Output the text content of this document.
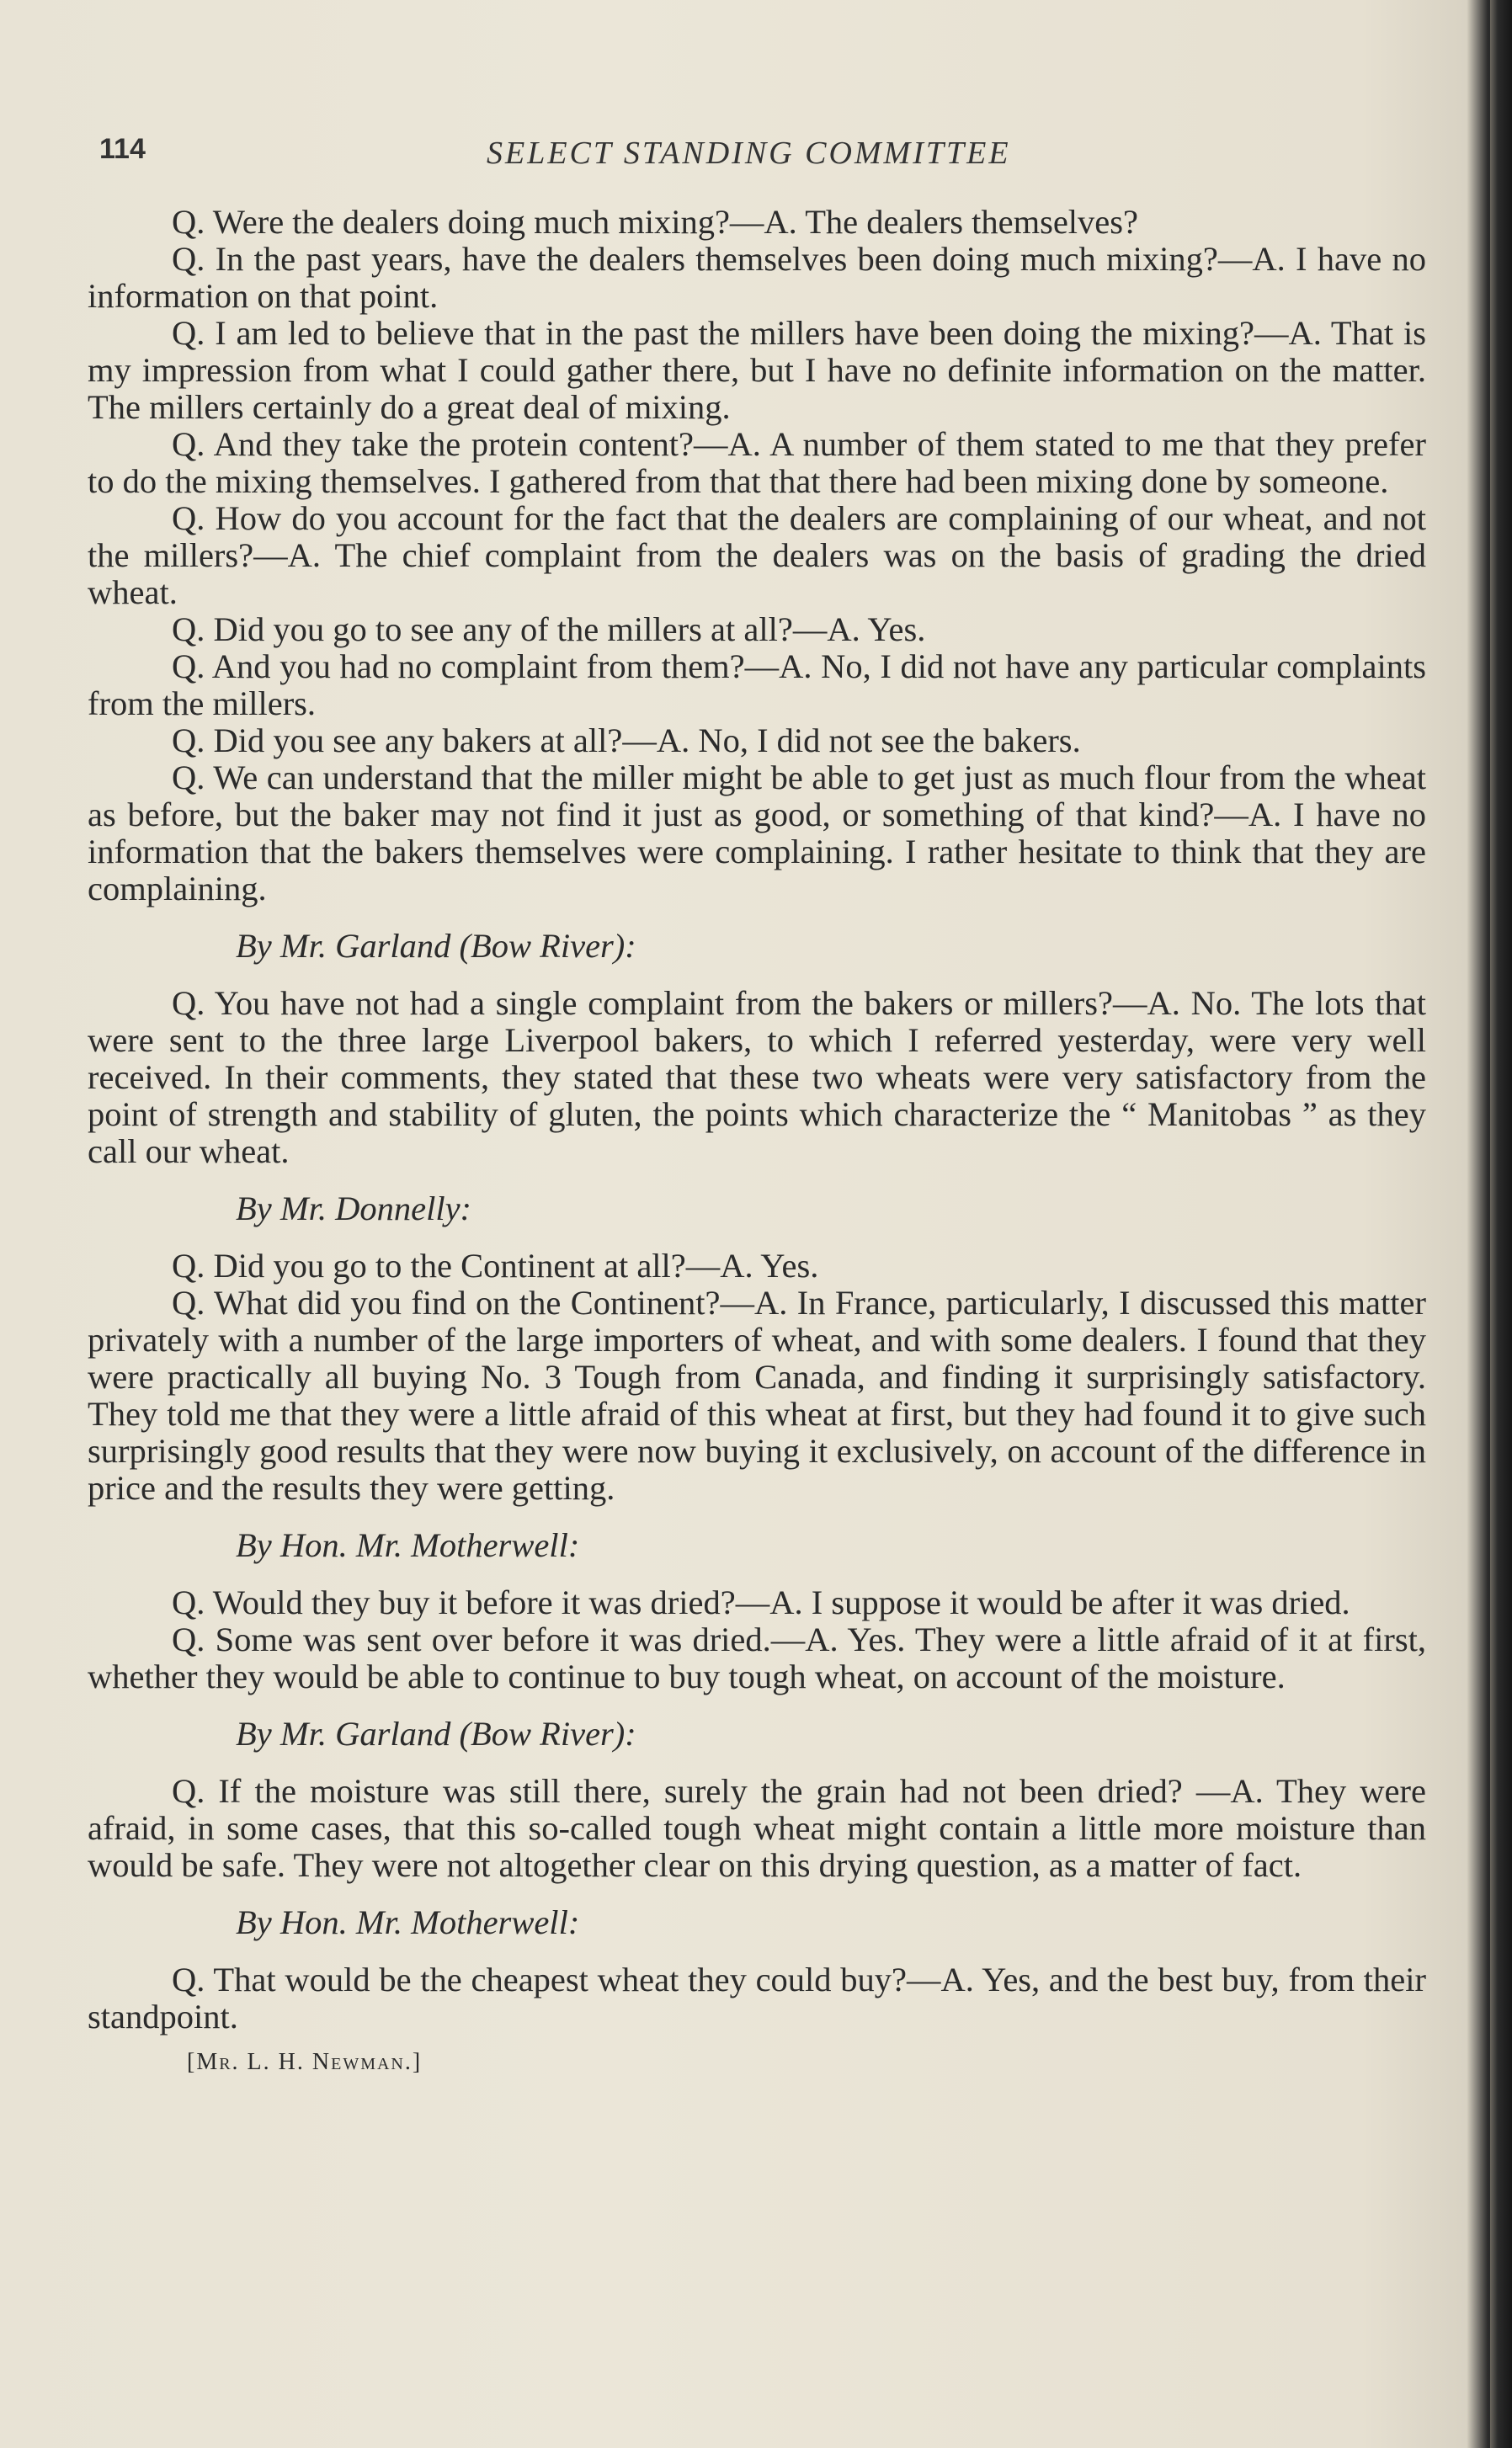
114	SELECT STANDING COMMITTEE

Q. Were the dealers doing much mixing?—A. The dealers themselves?

Q. In the past years, have the dealers themselves been doing much mixing?—A. I have no information on that point.

Q. I am led to believe that in the past the millers have been doing the mixing?—A. That is my impression from what I could gather there, but I have no definite information on the matter. The millers certainly do a great deal of mixing.

Q. And they take the protein content?—A. A number of them stated to me that they prefer to do the mixing themselves. I gathered from that that there had been mixing done by someone.

Q. How do you account for the fact that the dealers are complaining of our wheat, and not the millers?—A. The chief complaint from the dealers was on the basis of grading the dried wheat.

Q. Did you go to see any of the millers at all?—A. Yes.

Q. And you had no complaint from them?—A. No, I did not have any particular complaints from the millers.

Q. Did you see any bakers at all?—A. No, I did not see the bakers.

Q. We can understand that the miller might be able to get just as much flour from the wheat as before, but the baker may not find it just as good, or something of that kind?—A. I have no information that the bakers themselves were complaining. I rather hesitate to think that they are complaining.

By Mr. Garland (Bow River):

Q. You have not had a single complaint from the bakers or millers?—A. No. The lots that were sent to the three large Liverpool bakers, to which I referred yesterday, were very well received. In their comments, they stated that these two wheats were very satisfactory from the point of strength and stability of gluten, the points which characterize the “ Manitobas ” as they call our wheat.

By Mr. Donnelly:

Q. Did you go to the Continent at all?—A. Yes.

Q. What did you find on the Continent?—A. In France, particularly, I discussed this matter privately with a number of the large importers of wheat, and with some dealers. I found that they were practically all buying No. 3 Tough from Canada, and finding it surprisingly satisfactory. They told me that they were a little afraid of this wheat at first, but they had found it to give such surprisingly good results that they were now buying it exclusively, on account of the difference in price and the results they were getting.

By Hon. Mr. Motherwell:

Q. Would they buy it before it was dried?—A. I suppose it would be after it was dried.

Q. Some was sent over before it was dried.—A. Yes. They were a little afraid of it at first, whether they would be able to continue to buy tough wheat, on account of the moisture.

By Mr. Garland (Bow River):

Q. If the moisture was still there, surely the grain had not been dried? —A. They were afraid, in some cases, that this so-called tough wheat might contain a little more moisture than would be safe. They were not altogether clear on this drying question, as a matter of fact.

By Hon. Mr. Motherwell:

Q. That would be the cheapest wheat they could buy?—A. Yes, and the best buy, from their standpoint.

[Mr. L. H. Newman.]
